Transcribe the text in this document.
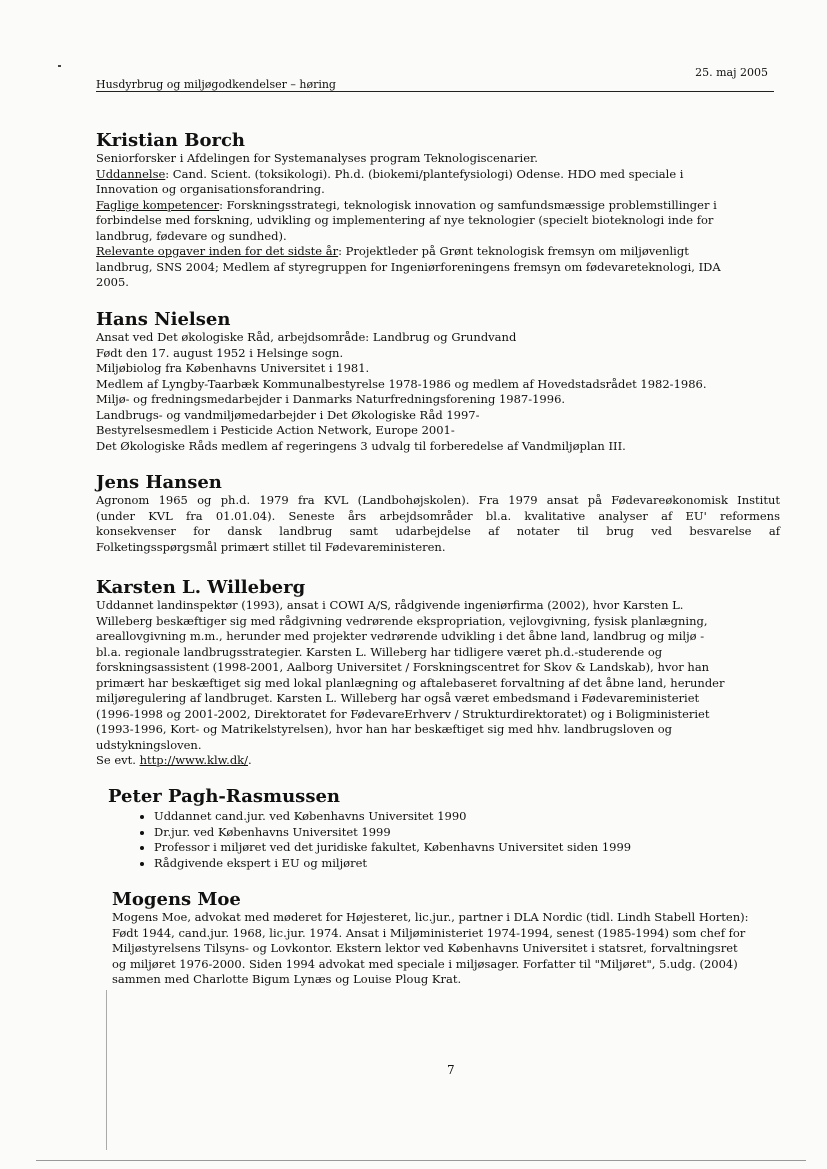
Husdyrbrug og miljøgodkendelser – høring
25. maj 2005
Kristian Borch
Seniorforsker i Afdelingen for Systemanalyses program Teknologiscenarier.
Uddannelse: Cand. Scient. (toksikologi). Ph.d. (biokemi/plantefysiologi) Odense. HDO med speciale i
Innovation og organisationsforandring.
Faglige kompetencer: Forskningsstrategi, teknologisk innovation og samfundsmæssige problemstillinger i
forbindelse med forskning, udvikling og implementering af nye teknologier (specielt bioteknologi inde for
landbrug, fødevare og sundhed).
Relevante opgaver inden for det sidste år: Projektleder på Grønt teknologisk fremsyn om miljøvenligt
landbrug, SNS 2004; Medlem af styregruppen for Ingeniørforeningens fremsyn om fødevareteknologi, IDA
2005.
Hans Nielsen
Ansat ved Det økologiske Råd, arbejdsområde: Landbrug og Grundvand
Født den 17. august 1952 i Helsinge sogn.
Miljøbiolog fra Københavns Universitet i 1981.
Medlem af Lyngby-Taarbæk Kommunalbestyrelse 1978-1986 og medlem af Hovedstadsrådet 1982-1986.
Miljø- og fredningsmedarbejder i Danmarks Naturfredningsforening 1987-1996.
Landbrugs- og vandmiljømedarbejder i Det Økologiske Råd 1997-
Bestyrelsesmedlem i Pesticide Action Network, Europe 2001-
Det Økologiske Råds medlem af regeringens 3 udvalg til forberedelse af Vandmiljøplan III.
Jens Hansen
Agronom 1965 og ph.d. 1979 fra KVL (Landbohøjskolen). Fra 1979 ansat på Fødevareøkonomisk Institut
(under KVL fra 01.01.04). Seneste års arbejdsområder bl.a. kvalitative analyser af EU' reformens
konsekvenser for dansk landbrug samt udarbejdelse af notater til brug ved besvarelse af
Folketingsspørgsmål primært stillet til Fødevareministeren.
Karsten L. Willeberg
Uddannet landinspektør (1993), ansat i COWI A/S, rådgivende ingeniørfirma (2002), hvor Karsten L.
Willeberg beskæftiger sig med rådgivning vedrørende ekspropriation, vejlovgivning, fysisk planlægning,
areallovgivning m.m., herunder med projekter vedrørende udvikling i det åbne land, landbrug og miljø -
bl.a. regionale landbrugsstrategier. Karsten L. Willeberg har tidligere været ph.d.-studerende og
forskningsassistent (1998-2001, Aalborg Universitet / Forskningscentret for Skov & Landskab), hvor han
primært har beskæftiget sig med lokal planlægning og aftalebaseret forvaltning af det åbne land, herunder
miljøregulering af landbruget. Karsten L. Willeberg har også været embedsmand i Fødevareministeriet
(1996-1998 og 2001-2002, Direktoratet for FødevareErhverv / Strukturdirektoratet) og i Boligministeriet
(1993-1996, Kort- og Matrikelstyrelsen), hvor han har beskæftiget sig med hhv. landbrugsloven og
udstykningsloven.
Se evt. http://www.klw.dk/.
Peter Pagh-Rasmussen
• Uddannet cand.jur. ved Københavns Universitet 1990
• Dr.jur. ved Københavns Universitet 1999
• Professor i miljøret ved det juridiske fakultet, Københavns Universitet siden 1999
• Rådgivende ekspert i EU og miljøret
Mogens Moe
Mogens Moe, advokat med møderet for Højesteret, lic.jur., partner i DLA Nordic (tidl. Lindh Stabell Horten):
Født 1944, cand.jur. 1968, lic.jur. 1974. Ansat i Miljøministeriet 1974-1994, senest (1985-1994) som chef for
Miljøstyrelsens Tilsyns- og Lovkontor. Ekstern lektor ved Københavns Universitet i statsret, forvaltningsret
og miljøret 1976-2000. Siden 1994 advokat med speciale i miljøsager. Forfatter til "Miljøret", 5.udg. (2004)
sammen med Charlotte Bigum Lynæs og Louise Ploug Krat.
7
